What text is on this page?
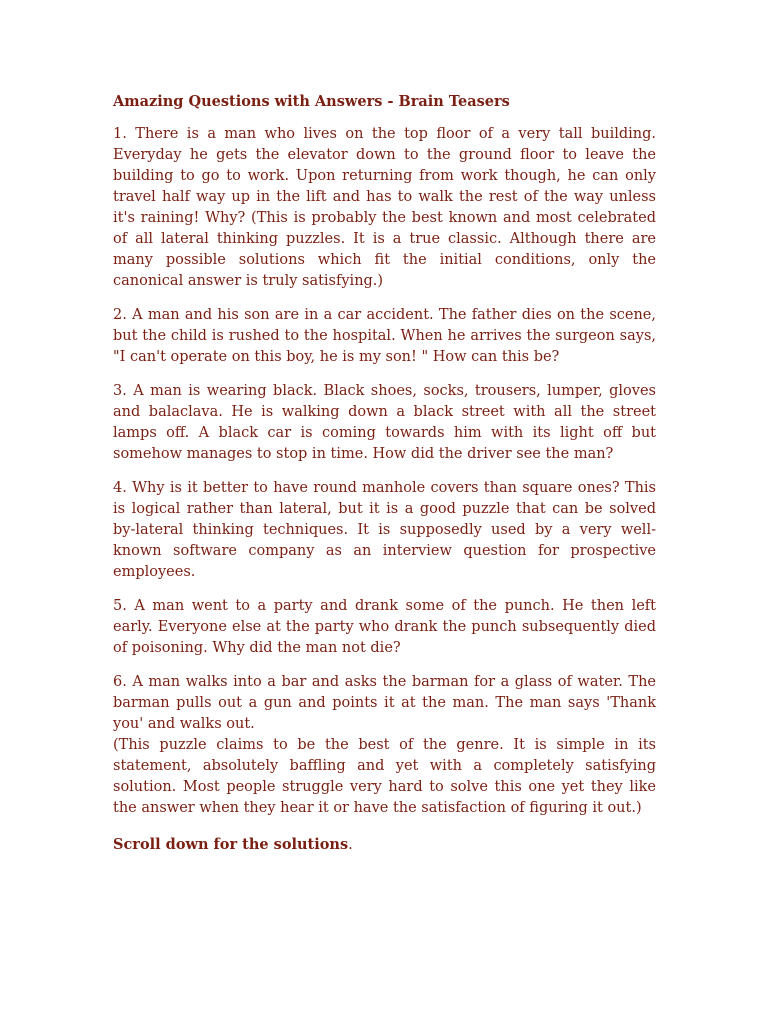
Amazing Questions with Answers - Brain Teasers

1. There is a man who lives on the top floor of a very tall building. Everyday he gets the elevator down to the ground floor to leave the building to go to work. Upon returning from work though, he can only travel half way up in the lift and has to walk the rest of the way unless it's raining! Why? (This is probably the best known and most celebrated of all lateral thinking puzzles. It is a true classic. Although there are many possible solutions which fit the initial conditions, only the canonical answer is truly satisfying.)

2. A man and his son are in a car accident. The father dies on the scene, but the child is rushed to the hospital. When he arrives the surgeon says, "I can't operate on this boy, he is my son! " How can this be?

3. A man is wearing black. Black shoes, socks, trousers, lumper, gloves and balaclava. He is walking down a black street with all the street lamps off. A black car is coming towards him with its light off but somehow manages to stop in time. How did the driver see the man?

4. Why is it better to have round manhole covers than square ones? This is logical rather than lateral, but it is a good puzzle that can be solved by-lateral thinking techniques. It is supposedly used by a very well-known software company as an interview question for prospective employees.

5. A man went to a party and drank some of the punch. He then left early. Everyone else at the party who drank the punch subsequently died of poisoning. Why did the man not die?

6. A man walks into a bar and asks the barman for a glass of water. The barman pulls out a gun and points it at the man. The man says 'Thank you' and walks out.
(This puzzle claims to be the best of the genre. It is simple in its statement, absolutely baffling and yet with a completely satisfying solution. Most people struggle very hard to solve this one yet they like the answer when they hear it or have the satisfaction of figuring it out.)

Scroll down for the solutions.
